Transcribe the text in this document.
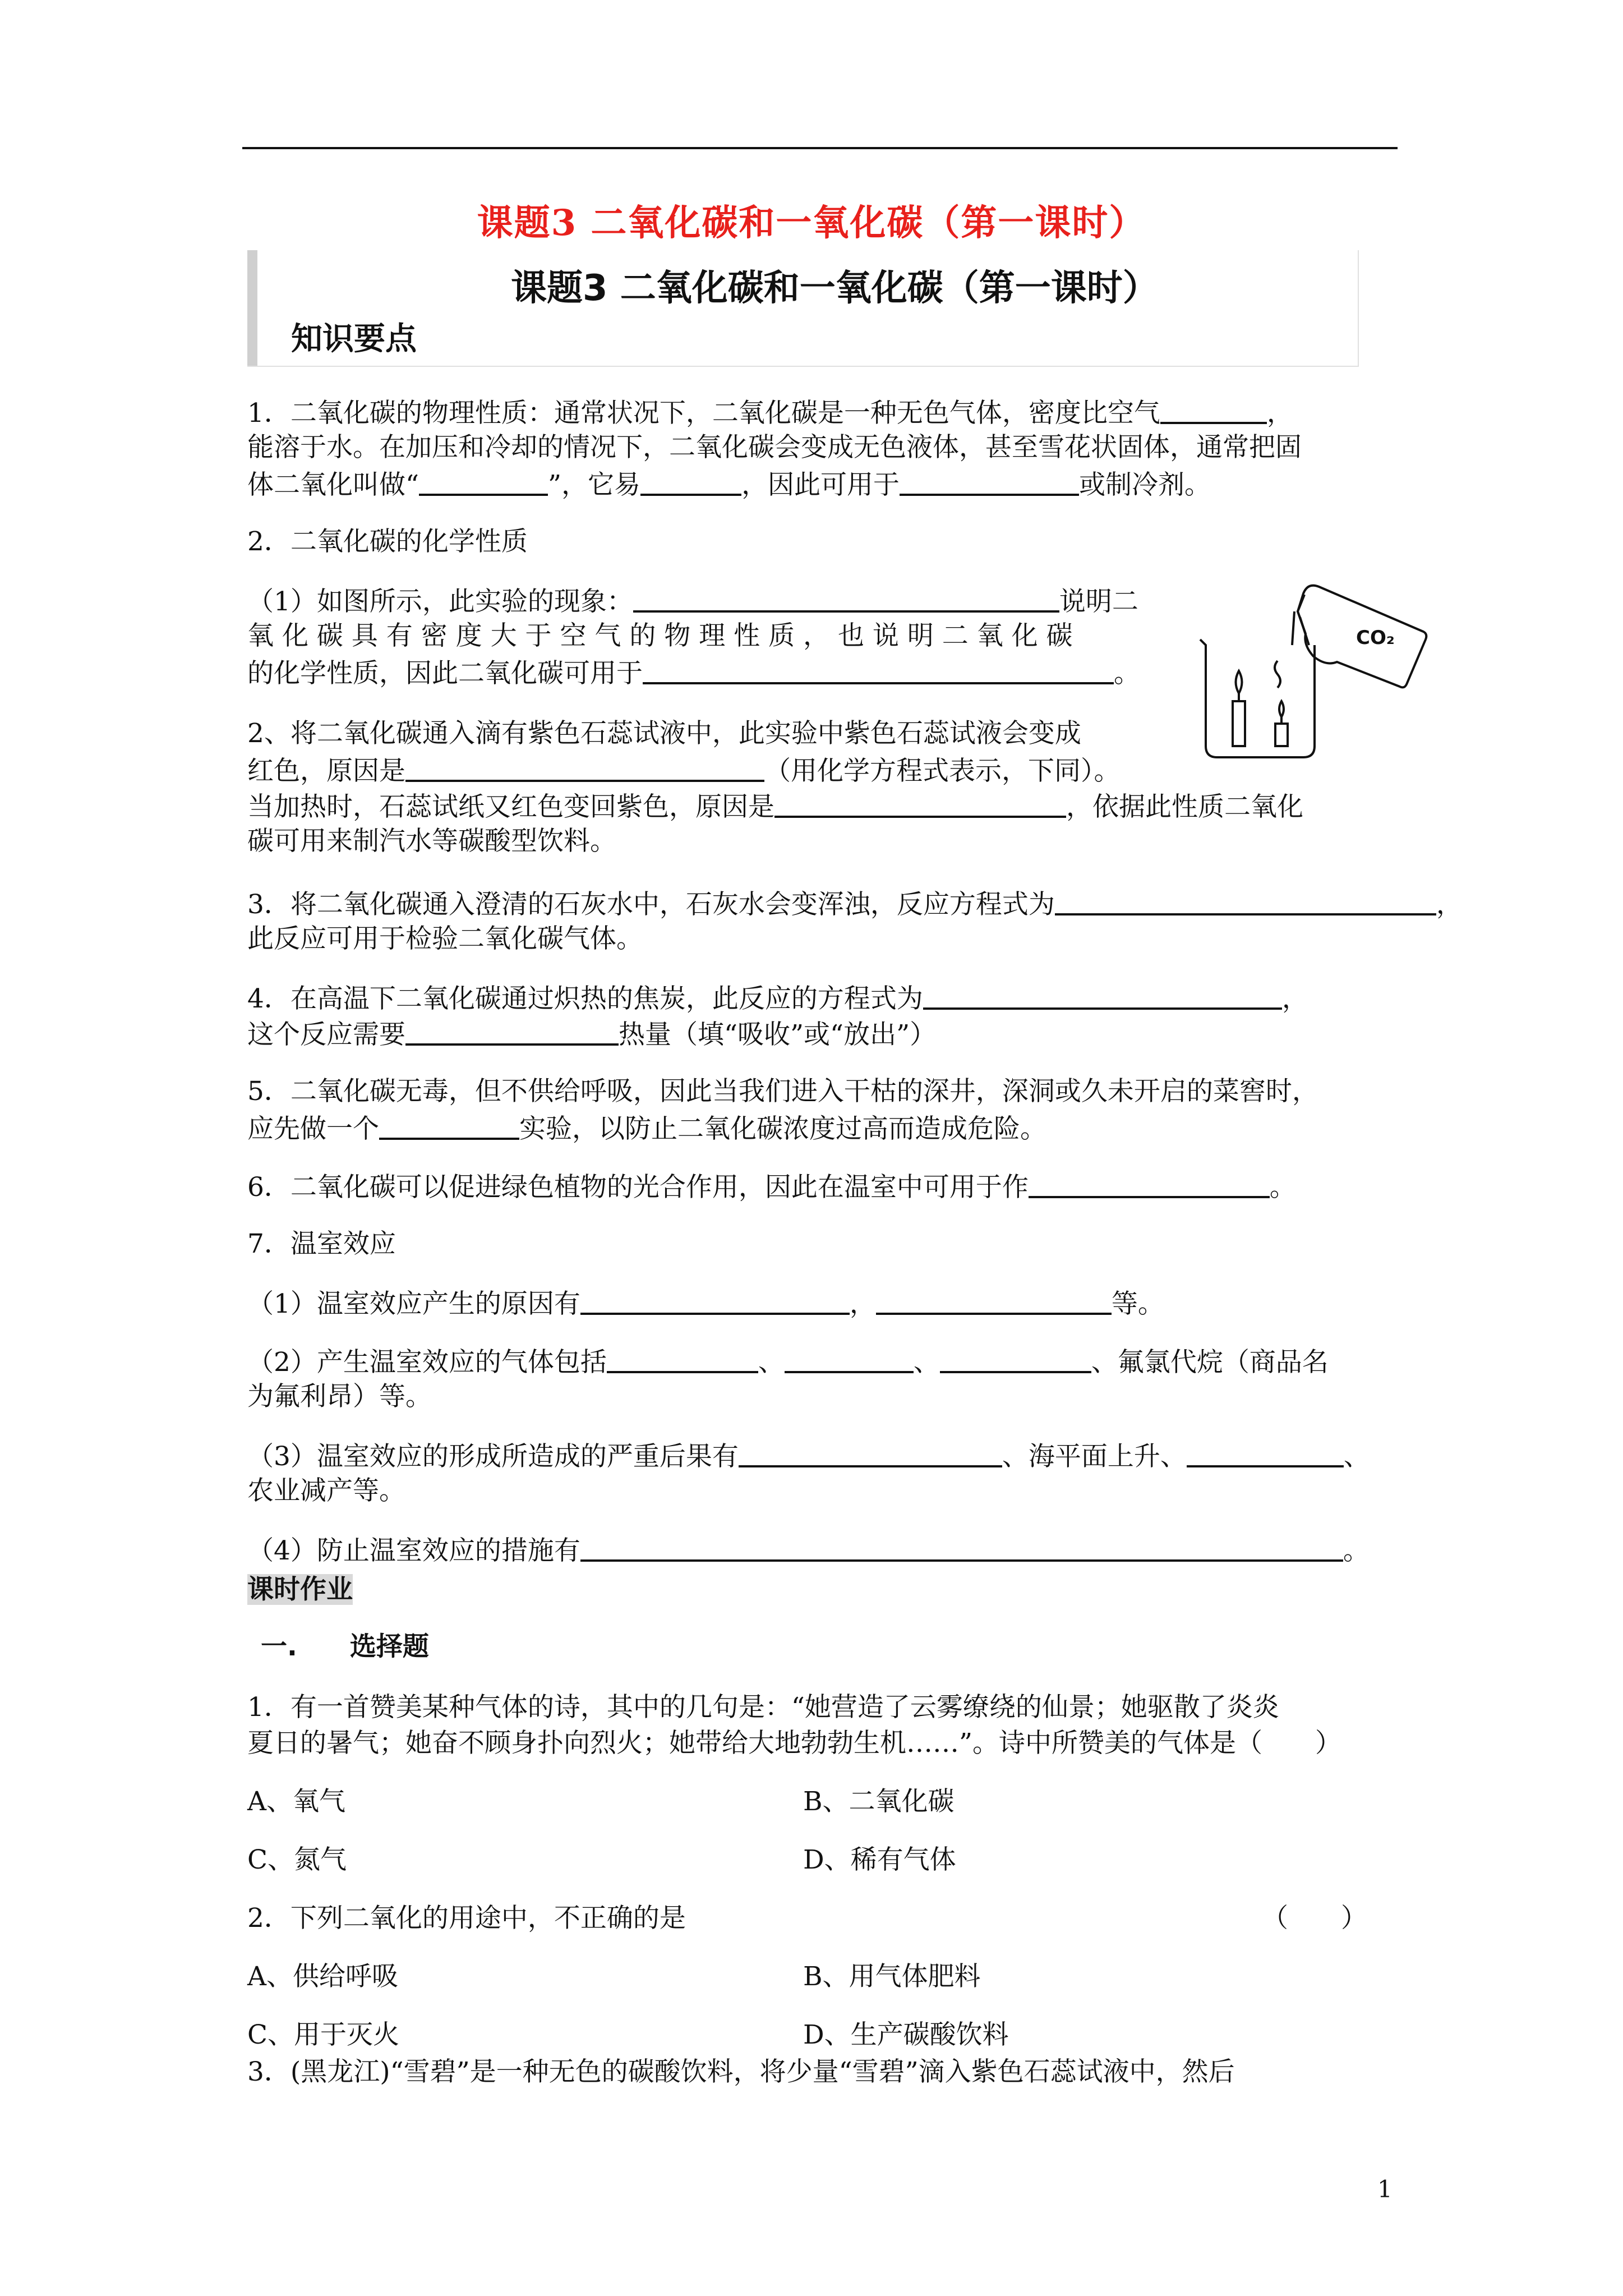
课题3 二氧化碳和一氧化碳（第一课时）
课题3 二氧化碳和一氧化碳（第一课时）
知识要点
1．二氧化碳的物理性质：通常状况下，二氧化碳是一种无色气体，密度比空气	，
能溶于水。在加压和冷却的情况下，二氧化碳会变成无色液体，甚至雪花状固体，通常把固
体二氧化叫做“	”，它易	，因此可用于	或制冷剂。
2．二氧化碳的化学性质
（1）如图所示，此实验的现象：	说明二
氧 化 碳 具 有 密 度 大 于 空 气 的 物 理 性 质 ， 也 说 明 二 氧 化 碳
的化学性质，因此二氧化碳可用于	。
2、将二氧化碳通入滴有紫色石蕊试液中，此实验中紫色石蕊试液会变成
红色，原因是	（用化学方程式表示，下同）。
当加热时，石蕊试纸又红色变回紫色，原因是	，依据此性质二氧化
碳可用来制汽水等碳酸型饮料。
CO₂
3．将二氧化碳通入澄清的石灰水中，石灰水会变浑浊，反应方程式为	，
此反应可用于检验二氧化碳气体。
4．在高温下二氧化碳通过炽热的焦炭，此反应的方程式为	，
这个反应需要	热量（填“吸收”或“放出”）
5．二氧化碳无毒，但不供给呼吸，因此当我们进入干枯的深井，深洞或久未开启的菜窖时，
应先做一个	实验，以防止二氧化碳浓度过高而造成危险。
6．二氧化碳可以促进绿色植物的光合作用，因此在温室中可用于作	。
7．温室效应
（1）温室效应产生的原因有	，	等。
（2）产生温室效应的气体包括	、	、	、氟氯代烷（商品名
为氟利昂）等。
（3）温室效应的形成所造成的严重后果有	、海平面上升、	、
农业减产等。
（4）防止温室效应的措施有	。
课时作业
一.　　选择题
1．有一首赞美某种气体的诗，其中的几句是：“她营造了云雾缭绕的仙景；她驱散了炎炎
夏日的暑气；她奋不顾身扑向烈火；她带给大地勃勃生机……”。诗中所赞美的气体是（　　）
A、氧气	B、二氧化碳
C、氮气	D、稀有气体
2．下列二氧化的用途中，不正确的是	（　　）
A、供给呼吸	B、用气体肥料
C、用于灭火	D、生产碳酸饮料
3．(黑龙江)“雪碧”是一种无色的碳酸饮料，将少量“雪碧”滴入紫色石蕊试液中，然后
1
